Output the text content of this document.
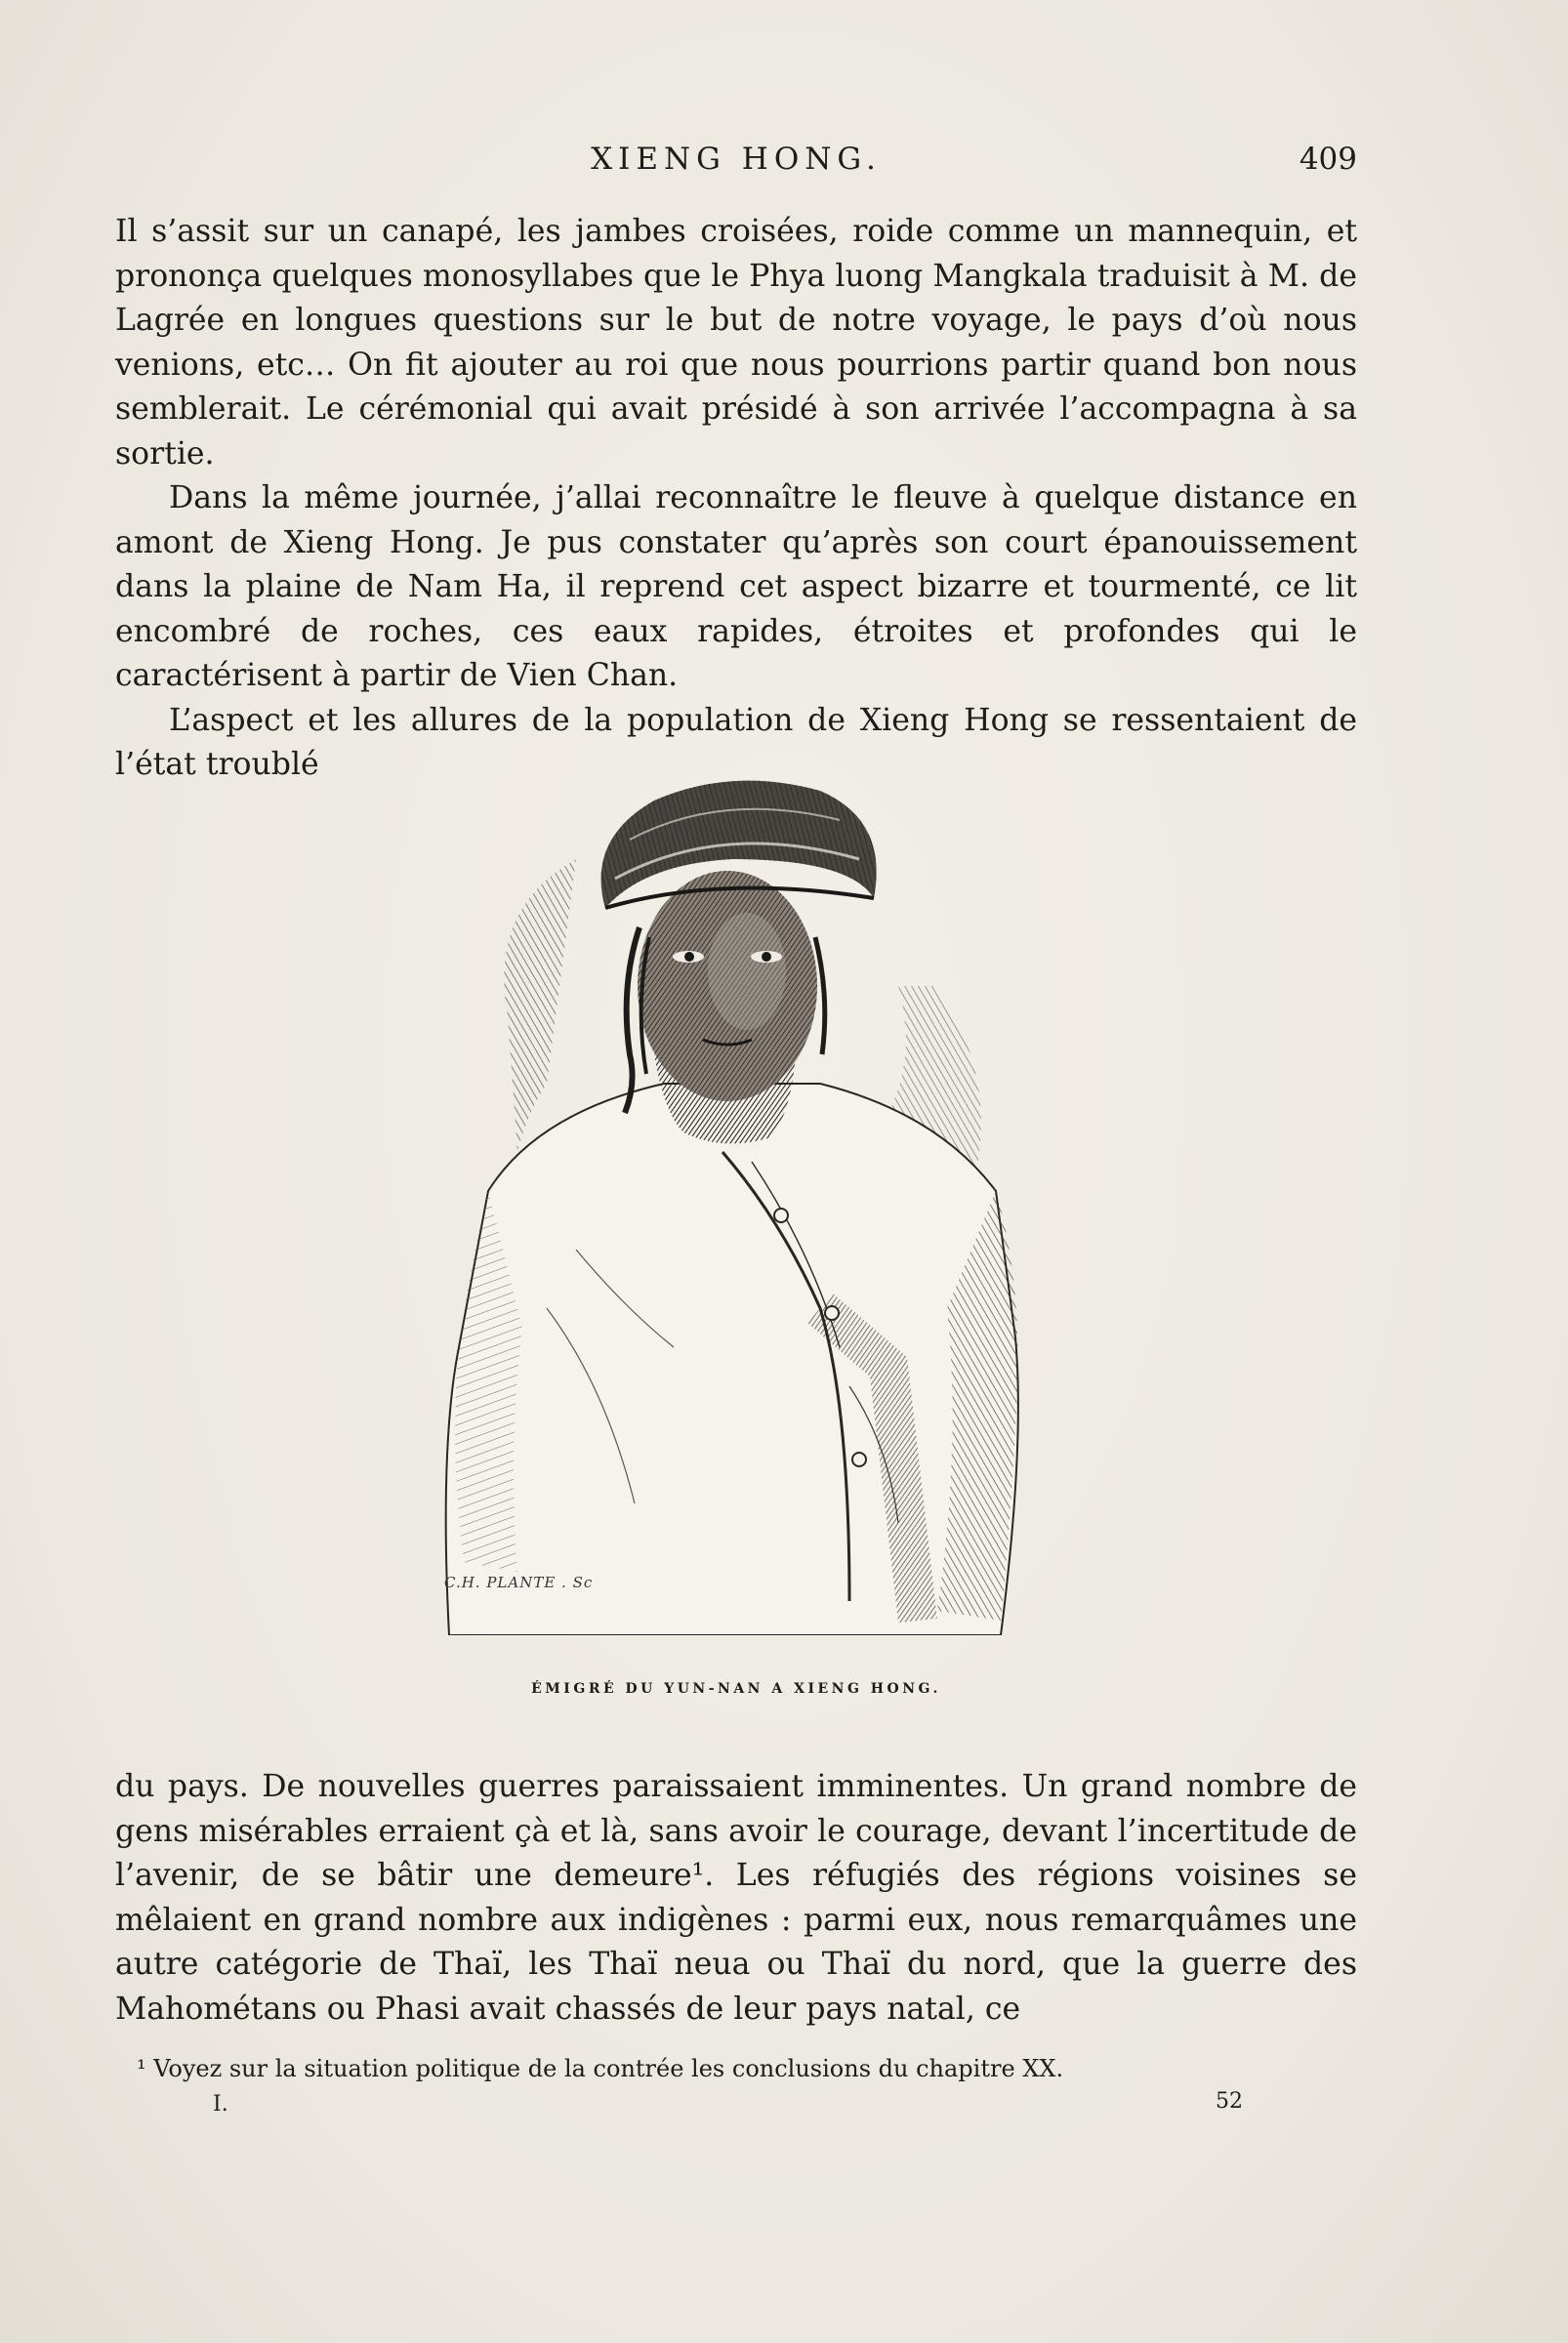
XIENG HONG.	409

Il s’assit sur un canapé, les jambes croisées, roide comme un mannequin, et prononça quelques monosyllabes que le Phya luong Mangkala traduisit à M. de Lagrée en longues questions sur le but de notre voyage, le pays d’où nous venions, etc… On fit ajouter au roi que nous pourrions partir quand bon nous semblerait. Le cérémonial qui avait présidé à son arrivée l’accompagna à sa sortie.

Dans la même journée, j’allai reconnaître le fleuve à quelque distance en amont de Xieng Hong. Je pus constater qu’après son court épanouissement dans la plaine de Nam Ha, il reprend cet aspect bizarre et tourmenté, ce lit encombré de roches, ces eaux rapides, étroites et profondes qui le caractérisent à partir de Vien Chan.

L’aspect et les allures de la population de Xieng Hong se ressentaient de l’état troublé

C.H. PLANTE . Sc
ÉMIGRÉ DU YUN-NAN A XIENG HONG.

du pays. De nouvelles guerres paraissaient imminentes. Un grand nombre de gens misérables erraient çà et là, sans avoir le courage, devant l’incertitude de l’avenir, de se bâtir une demeure¹. Les réfugiés des régions voisines se mêlaient en grand nombre aux indigènes : parmi eux, nous remarquâmes une autre catégorie de Thaï, les Thaï neua ou Thaï du nord, que la guerre des Mahométans ou Phasi avait chassés de leur pays natal, ce

¹ Voyez sur la situation politique de la contrée les conclusions du chapitre XX.
I.	52
